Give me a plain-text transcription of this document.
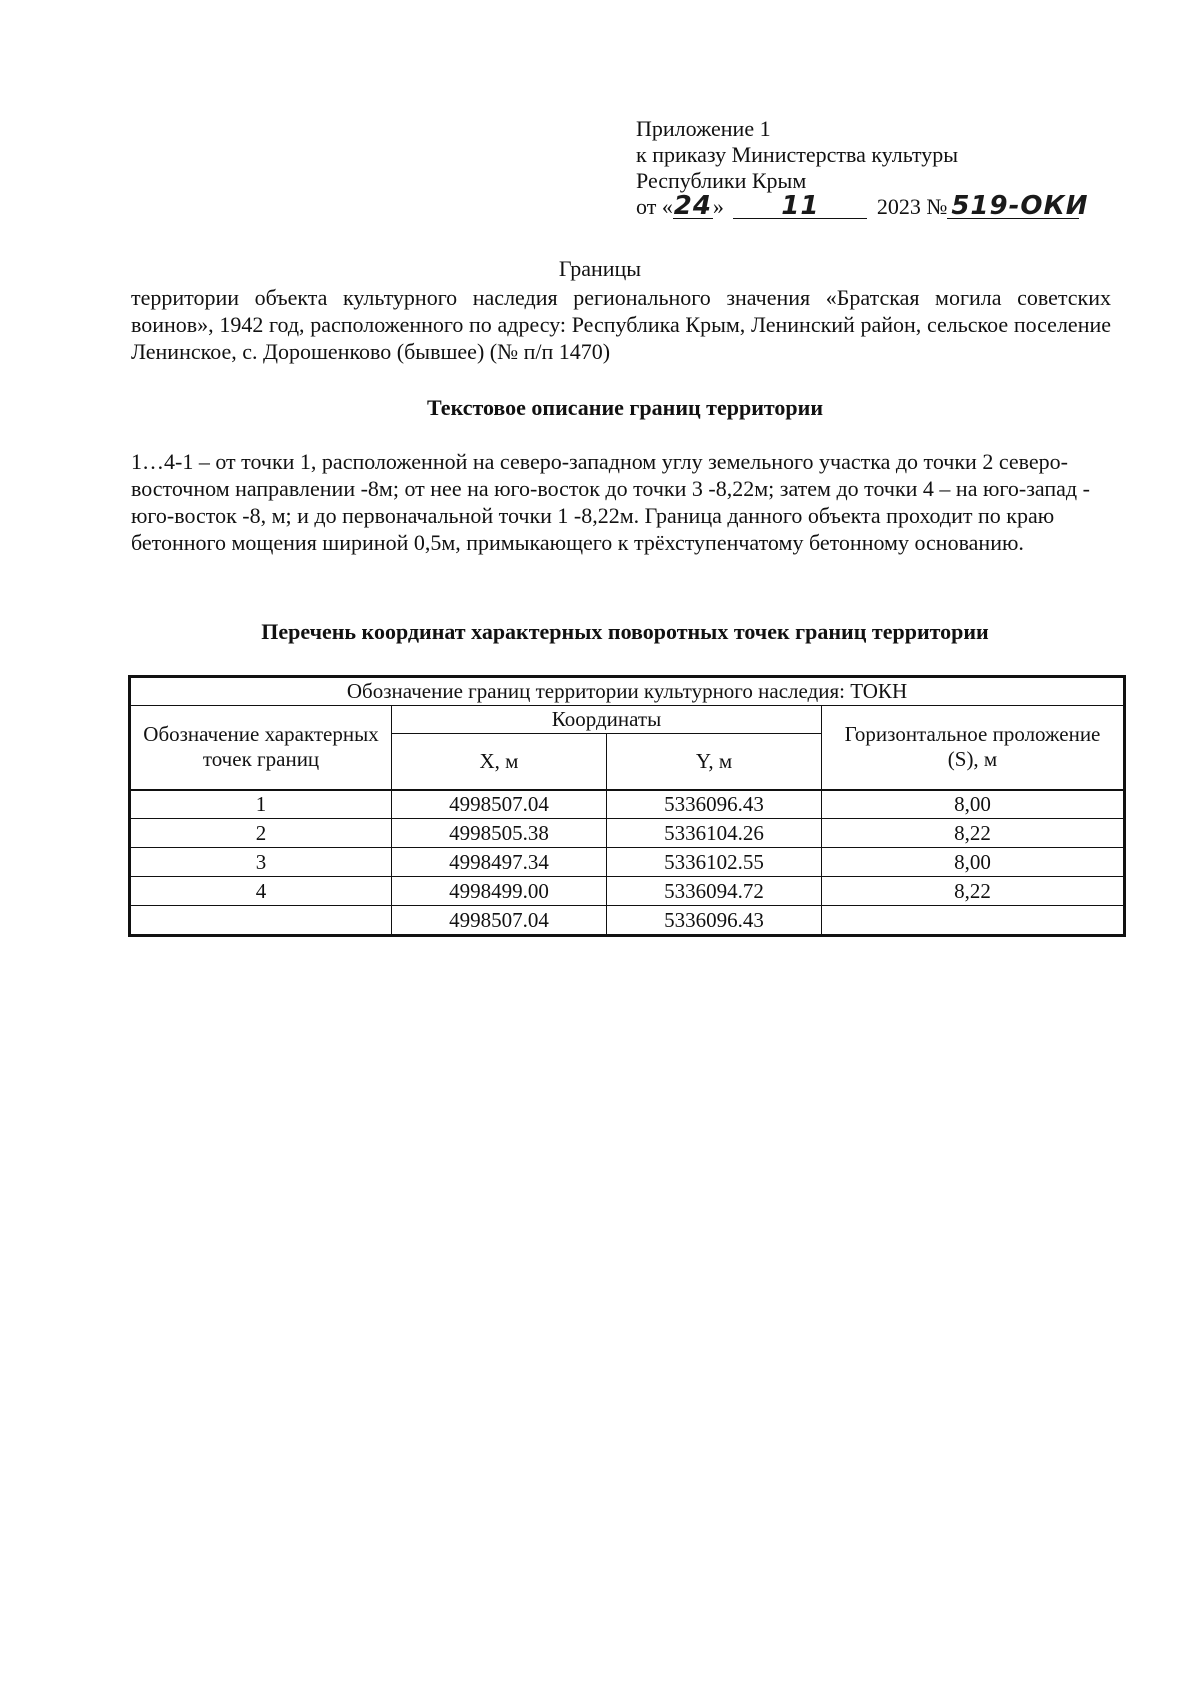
Приложение 1
к приказу Министерства культуры
Республики Крым
от «24» 11	2023 № 519-ОКИ
Границы
территории объекта культурного наследия регионального значения «Братская могила советских воинов», 1942 год, расположенного по адресу: Республика Крым, Ленинский район, сельское поселение Ленинское, с. Дорошенково (бывшее) (№ п/п 1470)
Текстовое описание границ территории
1…4-1 – от точки 1, расположенной на северо-западном углу земельного участка до точки 2 северо-восточном направлении -8м; от нее на юго-восток до точки 3 -8,22м; затем до точки 4 – на юго-запад - юго-восток -8, м; и до первоначальной точки 1 -8,22м. Граница данного объекта проходит по краю бетонного мощения шириной 0,5м, примыкающего к трёхступенчатому бетонному основанию.
Перечень координат характерных поворотных точек границ территории
Обозначение границ территории культурного наследия: ТОКН			
Обозначение характерных точек границ	Координаты		Горизонтальное проложение (S), м
	X, м	Y, м	
1	4998507.04	5336096.43	8,00
2	4998505.38	5336104.26	8,22
3	4998497.34	5336102.55	8,00
4	4998499.00	5336094.72	8,22
	4998507.04	5336096.43	
